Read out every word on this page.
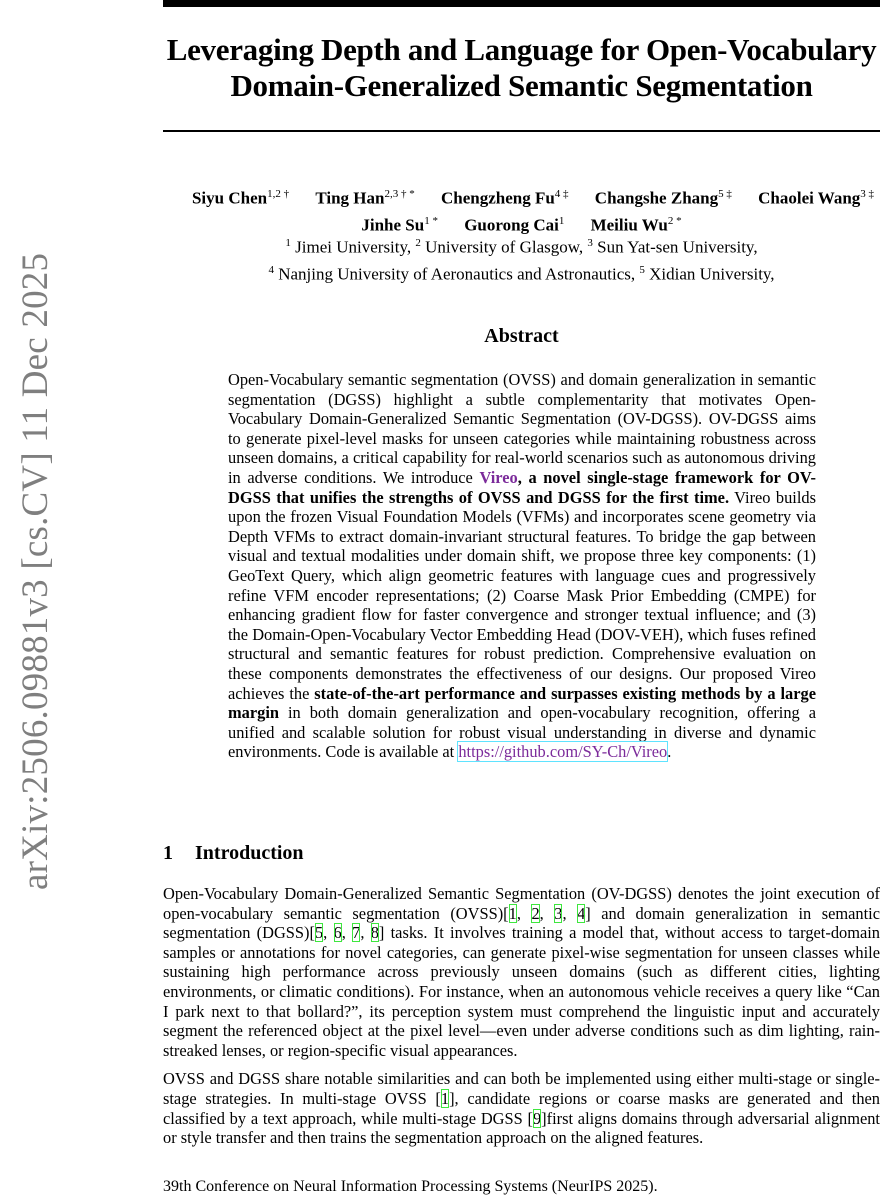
Leveraging Depth and Language for Open-Vocabulary
Domain-Generalized Semantic Segmentation
Siyu Chen$^{1,2 \dagger}$ Ting Han$^{2,3 \dagger *}$ Chengzheng $Fu^{4 \ddagger}$ Changshe Zhang$^{5 \ddagger}$ Chaolei Wang$^{3 \ddagger}$
Jinhe $Su^{1 *}$ Guorong Cai$^1$ Meiliu $Wu^{2 *}$
$^1$ Jimei University, $^2$ University of Glasgow, $^3$ Sun Yat-sen University,
$^4$ Nanjing University of Aeronautics and Astronautics, $^5$ Xidian University,
arXiv:2506.09881v3 [cs.CV] 11 Dec 2025	Abstract
Open-Vocabulary semantic segmentation (OVSS) and domain generalization in semantic segmentation (DGSS) highlight a subtle complementarity that motivates Open-Vocabulary Domain-Generalized Semantic Segmentation (OV-DGSS). OV-DGSS aims to generate pixel-level masks for unseen categories while maintaining robustness across unseen domains, a critical capability for real-world scenarios such as autonomous driving in adverse conditions. We introduce Vireo, a novel single-stage framework for OV-DGSS that unifies the strengths of OVSS and DGSS for the first time. Vireo builds upon the frozen Visual Foundation Models (VFMs) and incorporates scene geometry via Depth VFMs to extract domain-invariant structural features. To bridge the gap between visual and textual modalities under domain shift, we propose three key components: (1) GeoText Query, which align geometric features with language cues and progressively refine VFM encoder representations; (2) Coarse Mask Prior Embedding (CMPE) for enhancing gradient flow for faster convergence and stronger textual influence; and (3) the Domain-Open-Vocabulary Vector Embedding Head (DOV-VEH), which fuses refined structural and semantic features for robust prediction. Comprehensive evaluation on these components demonstrates the effectiveness of our designs. Our proposed Vireo achieves the state-of-the-art performance and surpasses existing methods by a large margin in both domain generalization and open-vocabulary recognition, offering a unified and scalable solution for robust visual understanding in diverse and dynamic environments. Code is available at https://github.com/SY-Ch/Vireo.
1 Introduction

Open-Vocabulary Domain-Generalized Semantic Segmentation (OV-DGSS) denotes the joint execution of open-vocabulary semantic segmentation (OVSS)[1, 2, 3, 4] and domain generalization in semantic segmentation (DGSS)[5, 6, 7, 8] tasks. It involves training a model that, without access to target-domain samples or annotations for novel categories, can generate pixel-wise segmentation for unseen classes while sustaining high performance across previously unseen domains (such as different cities, lighting environments, or climatic conditions). For instance, when an autonomous vehicle receives a query like “Can I park next to that bollard?”, its perception system must comprehend the linguistic input and accurately segment the referenced object at the pixel level—even under adverse conditions such as dim lighting, rain-streaked lenses, or region-specific visual appearances.

OVSS and DGSS share notable similarities and can both be implemented using either multi-stage or single-stage strategies. In multi-stage OVSS [1], candidate regions or coarse masks are generated and then classified by a text approach, while multi-stage DGSS [9]first aligns domains through adversarial alignment or style transfer and then trains the segmentation approach on the aligned features.

39th Conference on Neural Information Processing Systems (NeurIPS 2025).
